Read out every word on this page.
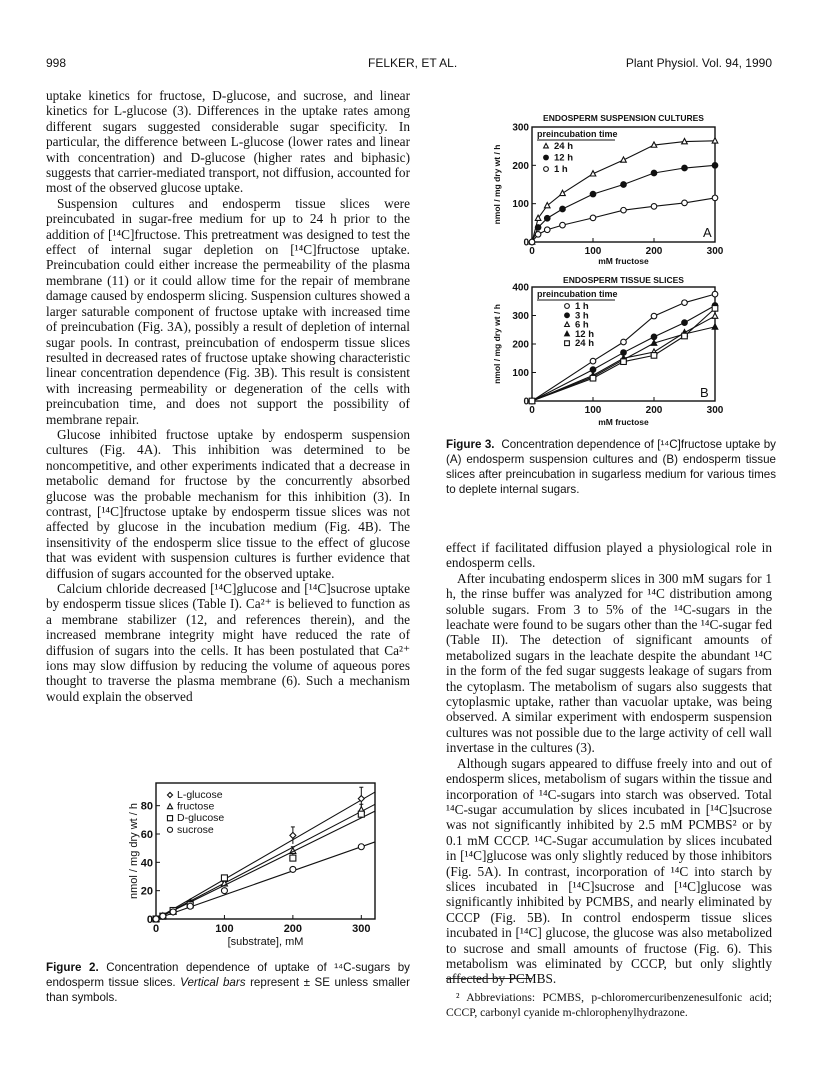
998	FELKER, ET AL.	Plant Physiol. Vol. 94, 1990

uptake kinetics for fructose, D-glucose, and sucrose, and linear kinetics for L-glucose (3). Differences in the uptake rates among different sugars suggested considerable sugar specificity. In particular, the difference between L-glucose (lower rates and linear with concentration) and D-glucose (higher rates and biphasic) suggests that carrier-mediated transport, not diffusion, accounted for most of the observed glucose uptake.

Suspension cultures and endosperm tissue slices were preincubated in sugar-free medium for up to 24 h prior to the addition of [¹⁴C]fructose. This pretreatment was designed to test the effect of internal sugar depletion on [¹⁴C]fructose uptake. Preincubation could either increase the permeability of the plasma membrane (11) or it could allow time for the repair of membrane damage caused by endosperm slicing. Suspension cultures showed a larger saturable component of fructose uptake with increased time of preincubation (Fig. 3A), possibly a result of depletion of internal sugar pools. In contrast, preincubation of endosperm tissue slices resulted in decreased rates of fructose uptake showing characteristic linear concentration dependence (Fig. 3B). This result is consistent with increasing permeability or degeneration of the cells with preincubation time, and does not support the possibility of membrane repair.

Glucose inhibited fructose uptake by endosperm suspension cultures (Fig. 4A). This inhibition was determined to be noncompetitive, and other experiments indicated that a decrease in metabolic demand for fructose by the concurrently absorbed glucose was the probable mechanism for this inhibition (3). In contrast, [¹⁴C]fructose uptake by endosperm tissue slices was not affected by glucose in the incubation medium (Fig. 4B). The insensitivity of the endosperm slice tissue to the effect of glucose that was evident with suspension cultures is further evidence that diffusion of sugars accounted for the observed uptake.

Calcium chloride decreased [¹⁴C]glucose and [¹⁴C]sucrose uptake by endosperm tissue slices (Table I). Ca²⁺ is believed to function as a membrane stabilizer (12, and references therein), and the increased membrane integrity might have reduced the rate of diffusion of sugars into the cells. It has been postulated that Ca²⁺ ions may slow diffusion by reducing the volume of aqueous pores thought to traverse the plasma membrane (6). Such a mechanism would explain the observed

effect if facilitated diffusion played a physiological role in endosperm cells.

After incubating endosperm slices in 300 mM sugars for 1 h, the rinse buffer was analyzed for ¹⁴C distribution among soluble sugars. From 3 to 5% of the ¹⁴C-sugars in the leachate were found to be sugars other than the ¹⁴C-sugar fed (Table II). The detection of significant amounts of metabolized sugars in the leachate despite the abundant ¹⁴C in the form of the fed sugar suggests leakage of sugars from the cytoplasm. The metabolism of sugars also suggests that cytoplasmic uptake, rather than vacuolar uptake, was being observed. A similar experiment with endosperm suspension cultures was not possible due to the large activity of cell wall invertase in the cultures (3).

Although sugars appeared to diffuse freely into and out of endosperm slices, metabolism of sugars within the tissue and incorporation of ¹⁴C-sugars into starch was observed. Total ¹⁴C-sugar accumulation by slices incubated in [¹⁴C]sucrose was not significantly inhibited by 2.5 mM PCMBS² or by 0.1 mM CCCP. ¹⁴C-Sugar accumulation by slices incubated in [¹⁴C]glucose was only slightly reduced by those inhibitors (Fig. 5A). In contrast, incorporation of ¹⁴C into starch by slices incubated in [¹⁴C]sucrose and [¹⁴C]glucose was significantly inhibited by PCMBS, and nearly eliminated by CCCP (Fig. 5B). In control endosperm tissue slices incubated in [¹⁴C] glucose, the glucose was also metabolized to sucrose and small amounts of fructose (Fig. 6). This metabolism was eliminated by CCCP, but only slightly affected by PCMBS.

Figure 3. Concentration dependence of [¹⁴C]fructose uptake by (A) endosperm suspension cultures and (B) endosperm tissue slices after preincubation in sugarless medium for various times to deplete internal sugars.
Figure 2. Concentration dependence of uptake of ¹⁴C-sugars by endosperm tissue slices. Vertical bars represent ± SE unless smaller than symbols.	² Abbreviations: PCMBS, p-chloromercuribenzenesulfonic acid; CCCP, carbonyl cyanide m-chlorophenylhydrazone.
ENDOSPERM SUSPENSION CULTURES
0	100	200	300
0
100
200
300
mM fructose
nmol / mg dry wt / h
A
24 h
12 h
1 h
preincubation time
ENDOSPERM TISSUE SLICES
0	100	200	300
0
100
200
300
400
mM fructose
nmol / mg dry wt / h
B
1 h
3 h
6 h
12 h
24 h
preincubation time
0	100	200	300
0
20
40
60
80
[substrate], mM
nmol / mg dry wt / h
L-glucose
fructose
D-glucose
sucrose
